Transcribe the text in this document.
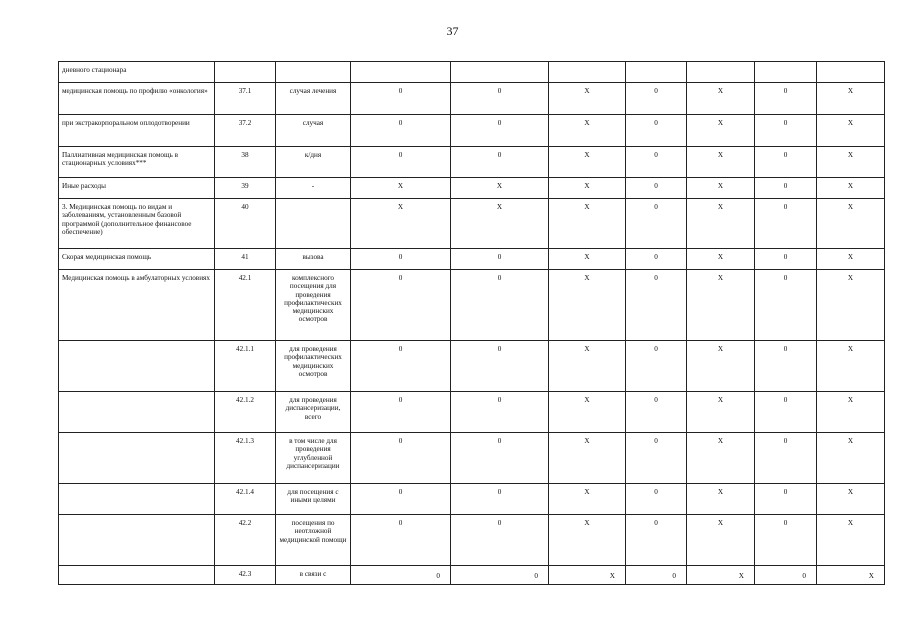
37
дневного стационара									
медицинская помощь по профилю «онкология»	37.1	случая лечения	0	0	X	0	X	0	X
при экстракорпоральном оплодотворении	37.2	случая	0	0	X	0	X	0	X
Паллиативная медицинская помощь в стационарных условиях***	38	к/дня	0	0	X	0	X	0	X
Иные расходы	39	-	X	X	X	0	X	0	X
3. Медицинская помощь по видам и заболеваниям, установленным базовой программой (дополнительное финансовое обеспечение)	40		X	X	X	0	X	0	X
Скорая медицинская помощь	41	вызова	0	0	X	0	X	0	X
Медицинская помощь в амбулаторных условиях	42.1	комплексного посещения для проведения профилактических медицинских осмотров	0	0	X	0	X	0	X
	42.1.1	для проведения профилактических медицинских осмотров	0	0	X	0	X	0	X
	42.1.2	для проведения диспансеризации, всего	0	0	X	0	X	0	X
	42.1.3	в том числе для проведения углубленной диспансеризации	0	0	X	0	X	0	X
	42.1.4	для посещения с иными целями	0	0	X	0	X	0	X
	42.2	посещения по неотложной медицинской помощи	0	0	X	0	X	0	X
	42.3	в связи с	0	0	X	0	X	0	X
